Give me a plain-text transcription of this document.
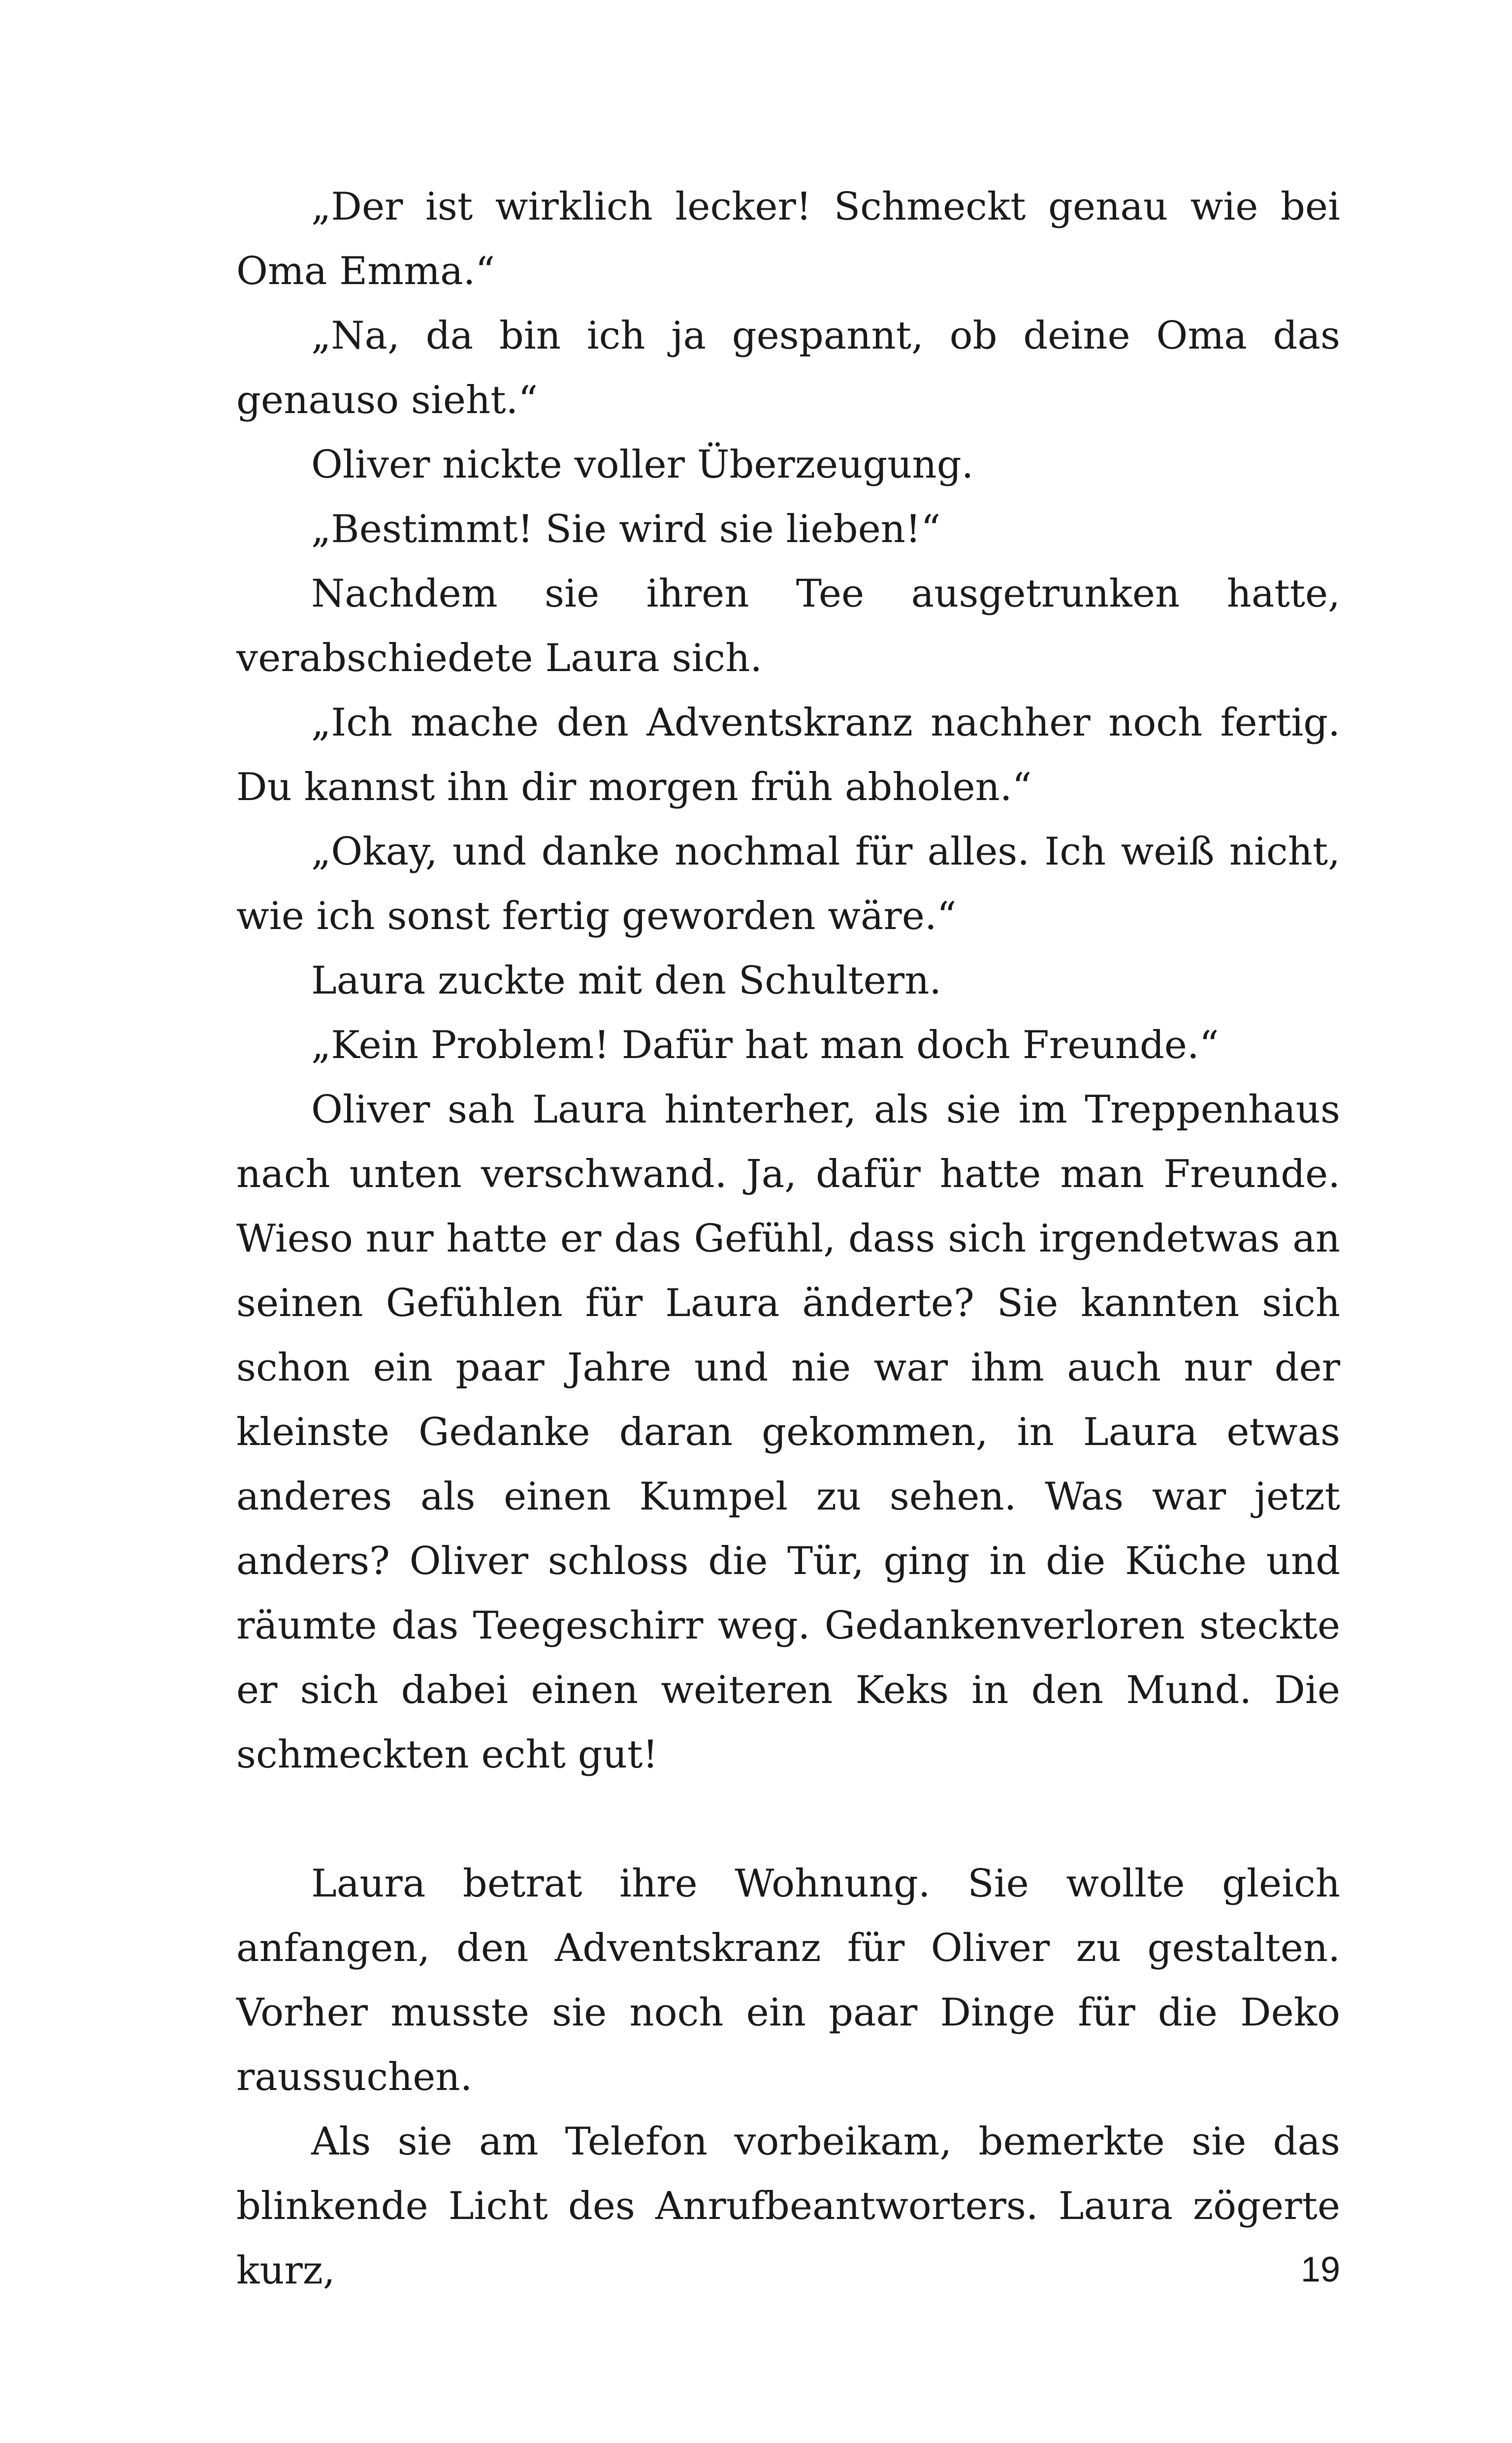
„Der ist wirklich lecker! Schmeckt genau wie bei Oma Emma.“

„Na, da bin ich ja gespannt, ob deine Oma das genauso sieht.“

Oliver nickte voller Überzeugung.

„Bestimmt! Sie wird sie lieben!“

Nachdem sie ihren Tee ausgetrunken hatte, verabschiedete Laura sich.

„Ich mache den Adventskranz nachher noch fertig. Du kannst ihn dir morgen früh abholen.“

„Okay, und danke nochmal für alles. Ich weiß nicht, wie ich sonst fertig geworden wäre.“

Laura zuckte mit den Schultern.

„Kein Problem! Dafür hat man doch Freunde.“

Oliver sah Laura hinterher, als sie im Treppenhaus nach unten verschwand. Ja, dafür hatte man Freunde. Wieso nur hatte er das Gefühl, dass sich irgendetwas an seinen Gefühlen für Laura änderte? Sie kannten sich schon ein paar Jahre und nie war ihm auch nur der kleinste Gedanke daran gekommen, in Laura etwas anderes als einen Kumpel zu sehen. Was war jetzt anders? Oliver schloss die Tür, ging in die Küche und räumte das Teegeschirr weg. Gedankenverloren steckte er sich dabei einen weiteren Keks in den Mund. Die schmeckten echt gut!

Laura betrat ihre Wohnung. Sie wollte gleich anfangen, den Adventskranz für Oliver zu gestalten. Vorher musste sie noch ein paar Dinge für die Deko raussuchen.

Als sie am Telefon vorbeikam, bemerkte sie das blinkende Licht des Anrufbeantworters. Laura zögerte kurz,	19
